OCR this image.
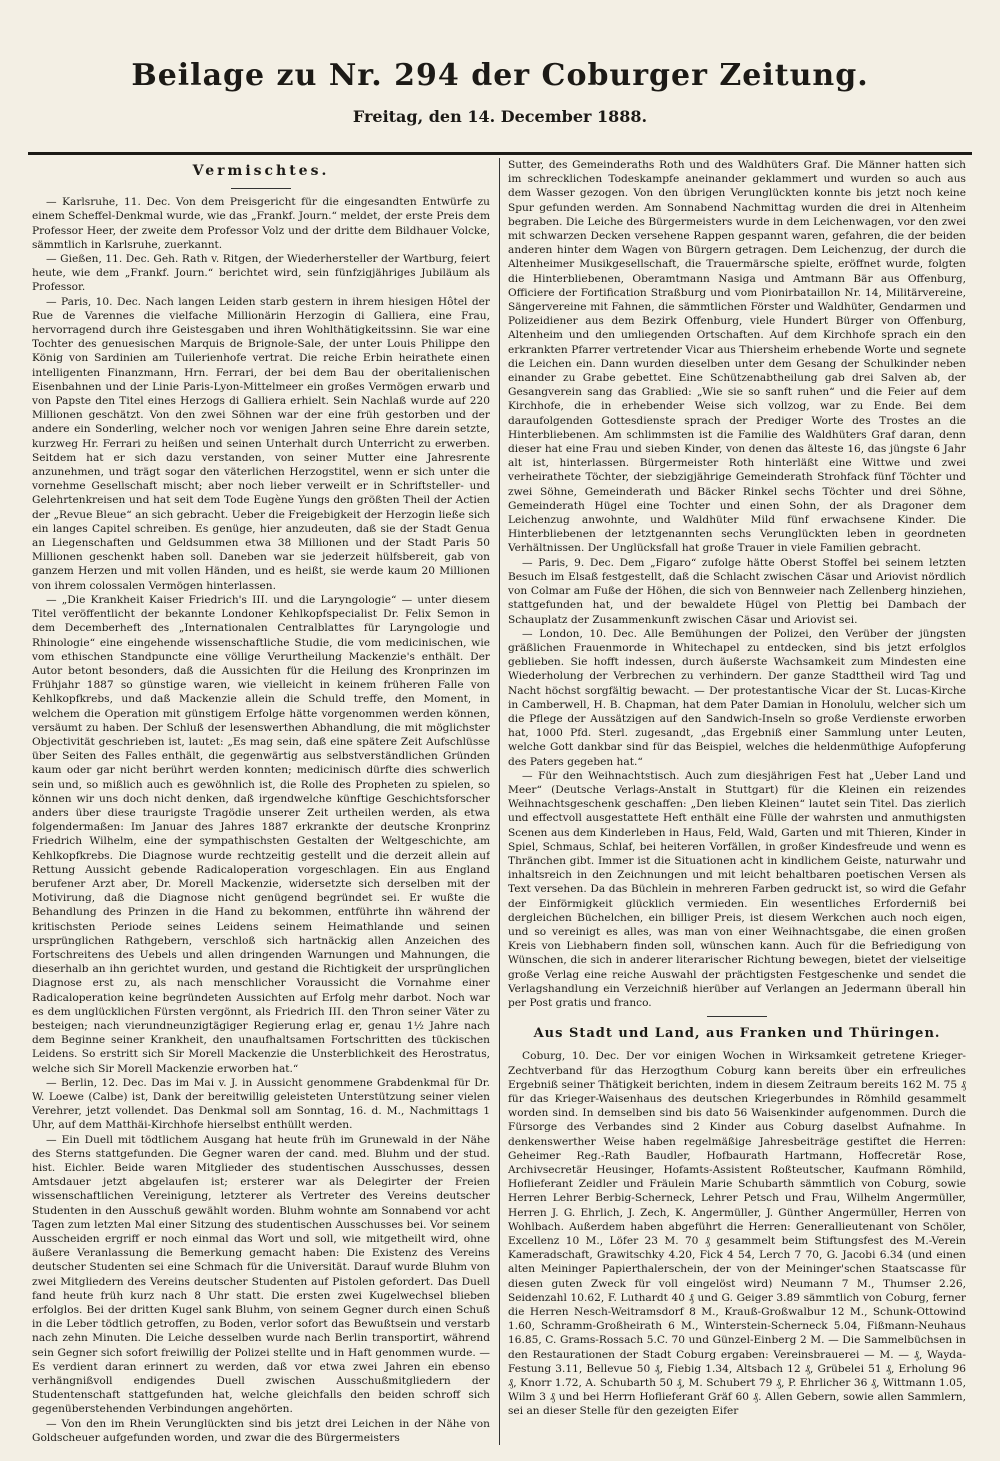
Beilage zu Nr. 294 der Coburger Zeitung.
Freitag, den 14. December 1888.
Vermischtes.

— Karlsruhe, 11. Dec. Von dem Preisgericht für die eingesandten Entwürfe zu einem Scheffel-Denkmal wurde, wie das „Frankf. Journ.“ meldet, der erste Preis dem Professor Heer, der zweite dem Professor Volz und der dritte dem Bildhauer Volcke, sämmtlich in Karlsruhe, zuerkannt.

— Gießen, 11. Dec. Geh. Rath v. Ritgen, der Wiederhersteller der Wartburg, feiert heute, wie dem „Frankf. Journ.“ berichtet wird, sein fünfzigjähriges Jubiläum als Professor.

— Paris, 10. Dec. Nach langen Leiden starb gestern in ihrem hiesigen Hôtel der Rue de Varennes die vielfache Millionärin Herzogin di Galliera, eine Frau, hervorragend durch ihre Geistesgaben und ihren Wohlthätigkeitssinn. Sie war eine Tochter des genuesischen Marquis de Brignole-Sale, der unter Louis Philippe den König von Sardinien am Tuilerienhofe vertrat. Die reiche Erbin heirathete einen intelligenten Finanzmann, Hrn. Ferrari, der bei dem Bau der oberitalienischen Eisenbahnen und der Linie Paris-Lyon-Mittelmeer ein großes Vermögen erwarb und von Papste den Titel eines Herzogs di Galliera erhielt. Sein Nachlaß wurde auf 220 Millionen geschätzt. Von den zwei Söhnen war der eine früh gestorben und der andere ein Sonderling, welcher noch vor wenigen Jahren seine Ehre darein setzte, kurzweg Hr. Ferrari zu heißen und seinen Unterhalt durch Unterricht zu erwerben. Seitdem hat er sich dazu verstanden, von seiner Mutter eine Jahresrente anzunehmen, und trägt sogar den väterlichen Herzogstitel, wenn er sich unter die vornehme Gesellschaft mischt; aber noch lieber verweilt er in Schriftsteller- und Gelehrtenkreisen und hat seit dem Tode Eugène Yungs den größten Theil der Actien der „Revue Bleue“ an sich gebracht. Ueber die Freigebigkeit der Herzogin ließe sich ein langes Capitel schreiben. Es genüge, hier anzudeuten, daß sie der Stadt Genua an Liegenschaften und Geldsummen etwa 38 Millionen und der Stadt Paris 50 Millionen geschenkt haben soll. Daneben war sie jederzeit hülfsbereit, gab von ganzem Herzen und mit vollen Händen, und es heißt, sie werde kaum 20 Millionen von ihrem colossalen Vermögen hinterlassen.

— „Die Krankheit Kaiser Friedrich's III. und die Laryngologie“ — unter diesem Titel veröffentlicht der bekannte Londoner Kehlkopfspecialist Dr. Felix Semon in dem Decemberheft des „Internationalen Centralblattes für Laryngologie und Rhinologie“ eine eingehende wissenschaftliche Studie, die vom medicinischen, wie vom ethischen Standpuncte eine völlige Verurtheilung Mackenzie's enthält. Der Autor betont besonders, daß die Aussichten für die Heilung des Kronprinzen im Frühjahr 1887 so günstige waren, wie vielleicht in keinem früheren Falle von Kehlkopfkrebs, und daß Mackenzie allein die Schuld treffe, den Moment, in welchem die Operation mit günstigem Erfolge hätte vorgenommen werden können, versäumt zu haben. Der Schluß der lesenswerthen Abhandlung, die mit möglichster Objectivität geschrieben ist, lautet: „Es mag sein, daß eine spätere Zeit Aufschlüsse über Seiten des Falles enthält, die gegenwärtig aus selbstverständlichen Gründen kaum oder gar nicht berührt werden konnten; medicinisch dürfte dies schwerlich sein und, so mißlich auch es gewöhnlich ist, die Rolle des Propheten zu spielen, so können wir uns doch nicht denken, daß irgendwelche künftige Geschichtsforscher anders über diese traurigste Tragödie unserer Zeit urtheilen werden, als etwa folgendermaßen: Im Januar des Jahres 1887 erkrankte der deutsche Kronprinz Friedrich Wilhelm, eine der sympathischsten Gestalten der Weltgeschichte, am Kehlkopfkrebs. Die Diagnose wurde rechtzeitig gestellt und die derzeit allein auf Rettung Aussicht gebende Radicaloperation vorgeschlagen. Ein aus England berufener Arzt aber, Dr. Morell Mackenzie, widersetzte sich derselben mit der Motivirung, daß die Diagnose nicht genügend begründet sei. Er wußte die Behandlung des Prinzen in die Hand zu bekommen, entführte ihn während der kritischsten Periode seines Leidens seinem Heimathlande und seinen ursprünglichen Rathgebern, verschloß sich hartnäckig allen Anzeichen des Fortschreitens des Uebels und allen dringenden Warnungen und Mahnungen, die dieserhalb an ihn gerichtet wurden, und gestand die Richtigkeit der ursprünglichen Diagnose erst zu, als nach menschlicher Voraussicht die Vornahme einer Radicaloperation keine begründeten Aussichten auf Erfolg mehr darbot. Noch war es dem unglücklichen Fürsten vergönnt, als Friedrich III. den Thron seiner Väter zu besteigen; nach vierundneunzigtägiger Regierung erlag er, genau 1½ Jahre nach dem Beginne seiner Krankheit, den unaufhaltsamen Fortschritten des tückischen Leidens. So erstritt sich Sir Morell Mackenzie die Unsterblichkeit des Herostratus, welche sich Sir Morell Mackenzie erworben hat.“

— Berlin, 12. Dec. Das im Mai v. J. in Aussicht genommene Grabdenkmal für Dr. W. Loewe (Calbe) ist, Dank der bereitwillig geleisteten Unterstützung seiner vielen Verehrer, jetzt vollendet. Das Denkmal soll am Sonntag, 16. d. M., Nachmittags 1 Uhr, auf dem Matthäi-Kirchhofe hierselbst enthüllt werden.

— Ein Duell mit tödtlichem Ausgang hat heute früh im Grunewald in der Nähe des Sterns stattgefunden. Die Gegner waren der cand. med. Bluhm und der stud. hist. Eichler. Beide waren Mitglieder des studentischen Ausschusses, dessen Amtsdauer jetzt abgelaufen ist; ersterer war als Delegirter der Freien wissenschaftlichen Vereinigung, letzterer als Vertreter des Vereins deutscher Studenten in den Ausschuß gewählt worden. Bluhm wohnte am Sonnabend vor acht Tagen zum letzten Mal einer Sitzung des studentischen Ausschusses bei. Vor seinem Ausscheiden ergriff er noch einmal das Wort und soll, wie mitgetheilt wird, ohne äußere Veranlassung die Bemerkung gemacht haben: Die Existenz des Vereins deutscher Studenten sei eine Schmach für die Universität. Darauf wurde Bluhm von zwei Mitgliedern des Vereins deutscher Studenten auf Pistolen gefordert. Das Duell fand heute früh kurz nach 8 Uhr statt. Die ersten zwei Kugelwechsel blieben erfolglos. Bei der dritten Kugel sank Bluhm, von seinem Gegner durch einen Schuß in die Leber tödtlich getroffen, zu Boden, verlor sofort das Bewußtsein und verstarb nach zehn Minuten. Die Leiche desselben wurde nach Berlin transportirt, während sein Gegner sich sofort freiwillig der Polizei stellte und in Haft genommen wurde. — Es verdient daran erinnert zu werden, daß vor etwa zwei Jahren ein ebenso verhängnißvoll endigendes Duell zwischen Ausschußmitgliedern der Studentenschaft stattgefunden hat, welche gleichfalls den beiden schroff sich gegenüberstehenden Verbindungen angehörten.

— Von den im Rhein Verunglückten sind bis jetzt drei Leichen in der Nähe von Goldscheuer aufgefunden worden, und zwar die des Bürgermeisters

Sutter, des Gemeinderaths Roth und des Waldhüters Graf. Die Männer hatten sich im schrecklichen Todeskampfe aneinander geklammert und wurden so auch aus dem Wasser gezogen. Von den übrigen Verunglückten konnte bis jetzt noch keine Spur gefunden werden. Am Sonnabend Nachmittag wurden die drei in Altenheim begraben. Die Leiche des Bürgermeisters wurde in dem Leichenwagen, vor den zwei mit schwarzen Decken versehene Rappen gespannt waren, gefahren, die der beiden anderen hinter dem Wagen von Bürgern getragen. Dem Leichenzug, der durch die Altenheimer Musikgesellschaft, die Trauermärsche spielte, eröffnet wurde, folgten die Hinterbliebenen, Oberamtmann Nasiga und Amtmann Bär aus Offenburg, Officiere der Fortification Straßburg und vom Pionirbataillon Nr. 14, Militärvereine, Sängervereine mit Fahnen, die sämmtlichen Förster und Waldhüter, Gendarmen und Polizeidiener aus dem Bezirk Offenburg, viele Hundert Bürger von Offenburg, Altenheim und den umliegenden Ortschaften. Auf dem Kirchhofe sprach ein den erkrankten Pfarrer vertretender Vicar aus Thiersheim erhebende Worte und segnete die Leichen ein. Dann wurden dieselben unter dem Gesang der Schulkinder neben einander zu Grabe gebettet. Eine Schützenabtheilung gab drei Salven ab, der Gesangverein sang das Grablied: „Wie sie so sanft ruhen“ und die Feier auf dem Kirchhofe, die in erhebender Weise sich vollzog, war zu Ende. Bei dem daraufolgenden Gottesdienste sprach der Prediger Worte des Trostes an die Hinterbliebenen. Am schlimmsten ist die Familie des Waldhüters Graf daran, denn dieser hat eine Frau und sieben Kinder, von denen das älteste 16, das jüngste 6 Jahr alt ist, hinterlassen. Bürgermeister Roth hinterläßt eine Wittwe und zwei verheirathete Töchter, der siebzigjährige Gemeinderath Strohfack fünf Töchter und zwei Söhne, Gemeinderath und Bäcker Rinkel sechs Töchter und drei Söhne, Gemeinderath Hügel eine Tochter und einen Sohn, der als Dragoner dem Leichenzug anwohnte, und Waldhüter Mild fünf erwachsene Kinder. Die Hinterbliebenen der letztgenannten sechs Verunglückten leben in geordneten Verhältnissen. Der Unglücksfall hat große Trauer in viele Familien gebracht.

— Paris, 9. Dec. Dem „Figaro“ zufolge hätte Oberst Stoffel bei seinem letzten Besuch im Elsaß festgestellt, daß die Schlacht zwischen Cäsar und Ariovist nördlich von Colmar am Fuße der Höhen, die sich von Bennweier nach Zellenberg hinziehen, stattgefunden hat, und der bewaldete Hügel von Plettig bei Dambach der Schauplatz der Zusammenkunft zwischen Cäsar und Ariovist sei.

— London, 10. Dec. Alle Bemühungen der Polizei, den Verüber der jüngsten gräßlichen Frauenmorde in Whitechapel zu entdecken, sind bis jetzt erfolglos geblieben. Sie hofft indessen, durch äußerste Wachsamkeit zum Mindesten eine Wiederholung der Verbrechen zu verhindern. Der ganze Stadttheil wird Tag und Nacht höchst sorgfältig bewacht. — Der protestantische Vicar der St. Lucas-Kirche in Camberwell, H. B. Chapman, hat dem Pater Damian in Honolulu, welcher sich um die Pflege der Aussätzigen auf den Sandwich-Inseln so große Verdienste erworben hat, 1000 Pfd. Sterl. zugesandt, „das Ergebniß einer Sammlung unter Leuten, welche Gott dankbar sind für das Beispiel, welches die heldenmüthige Aufopferung des Paters gegeben hat.“

— Für den Weihnachtstisch. Auch zum diesjährigen Fest hat „Ueber Land und Meer“ (Deutsche Verlags-Anstalt in Stuttgart) für die Kleinen ein reizendes Weihnachtsgeschenk geschaffen: „Den lieben Kleinen“ lautet sein Titel. Das zierlich und effectvoll ausgestattete Heft enthält eine Fülle der wahrsten und anmuthigsten Scenen aus dem Kinderleben in Haus, Feld, Wald, Garten und mit Thieren, Kinder in Spiel, Schmaus, Schlaf, bei heiteren Vorfällen, in großer Kindesfreude und wenn es Thränchen gibt. Immer ist die Situationen acht in kindlichem Geiste, naturwahr und inhaltsreich in den Zeichnungen und mit leicht behaltbaren poetischen Versen als Text versehen. Da das Büchlein in mehreren Farben gedruckt ist, so wird die Gefahr der Einförmigkeit glücklich vermieden. Ein wesentliches Erforderniß bei dergleichen Büchelchen, ein billiger Preis, ist diesem Werkchen auch noch eigen, und so vereinigt es alles, was man von einer Weihnachtsgabe, die einen großen Kreis von Liebhabern finden soll, wünschen kann. Auch für die Befriedigung von Wünschen, die sich in anderer literarischer Richtung bewegen, bietet der vielseitige große Verlag eine reiche Auswahl der prächtigsten Festgeschenke und sendet die Verlagshandlung ein Verzeichniß hierüber auf Verlangen an Jedermann überall hin per Post gratis und franco.

Aus Stadt und Land, aus Franken und Thüringen.

Coburg, 10. Dec. Der vor einigen Wochen in Wirksamkeit getretene Krieger-Zechtverband für das Herzogthum Coburg kann bereits über ein erfreuliches Ergebniß seiner Thätigkeit berichten, indem in diesem Zeitraum bereits 162 M. 75 ₰ für das Krieger-Waisenhaus des deutschen Kriegerbundes in Römhild gesammelt worden sind. In demselben sind bis dato 56 Waisenkinder aufgenommen. Durch die Fürsorge des Verbandes sind 2 Kinder aus Coburg daselbst Aufnahme. In denkenswerther Weise haben regelmäßige Jahresbeiträge gestiftet die Herren: Geheimer Reg.-Rath Baudler, Hofbaurath Hartmann, Hoffecretär Rose, Archivsecretär Heusinger, Hofamts-Assistent Roßteutscher, Kaufmann Römhild, Hoflieferant Zeidler und Fräulein Marie Schubarth sämmtlich von Coburg, sowie Herren Lehrer Berbig-Scherneck, Lehrer Petsch und Frau, Wilhelm Angermüller, Herren J. G. Ehrlich, J. Zech, K. Angermüller, J. Günther Angermüller, Herren von Wohlbach. Außerdem haben abgeführt die Herren: Generallieutenant von Schöler, Excellenz 10 M., Löfer 23 M. 70 ₰ gesammelt beim Stiftungsfest des M.-Verein Kameradschaft, Grawitschky 4.20, Fick 4 54, Lerch 7 70, G. Jacobi 6.34 (und einen alten Meininger Papierthalerschein, der von der Meininger'schen Staatscasse für diesen guten Zweck für voll eingelöst wird) Neumann 7 M., Thumser 2.26, Seidenzahl 10.62, F. Luthardt 40 ₰ und G. Geiger 3.89 sämmtlich von Coburg, ferner die Herren Nesch-Weitramsdorf 8 M., Krauß-Großwalbur 12 M., Schunk-Ottowind 1.60, Schramm-Großheirath 6 M., Winterstein-Scherneck 5.04, Fißmann-Neuhaus 16.85, C. Grams-Rossach 5.C. 70 und Günzel-Einberg 2 M. — Die Sammelbüchsen in den Restaurationen der Stadt Coburg ergaben: Vereinsbrauerei — M. — ₰, Wayda-Festung 3.11, Bellevue 50 ₰, Fiebig 1.34, Altsbach 12 ₰, Grübelei 51 ₰, Erholung 96 ₰, Knorr 1.72, A. Schubarth 50 ₰, M. Schubert 79 ₰, P. Ehrlicher 36 ₰, Wittmann 1.05, Wilm 3 ₰ und bei Herrn Hoflieferant Gräf 60 ₰. Allen Gebern, sowie allen Sammlern, sei an dieser Stelle für den gezeigten Eifer
